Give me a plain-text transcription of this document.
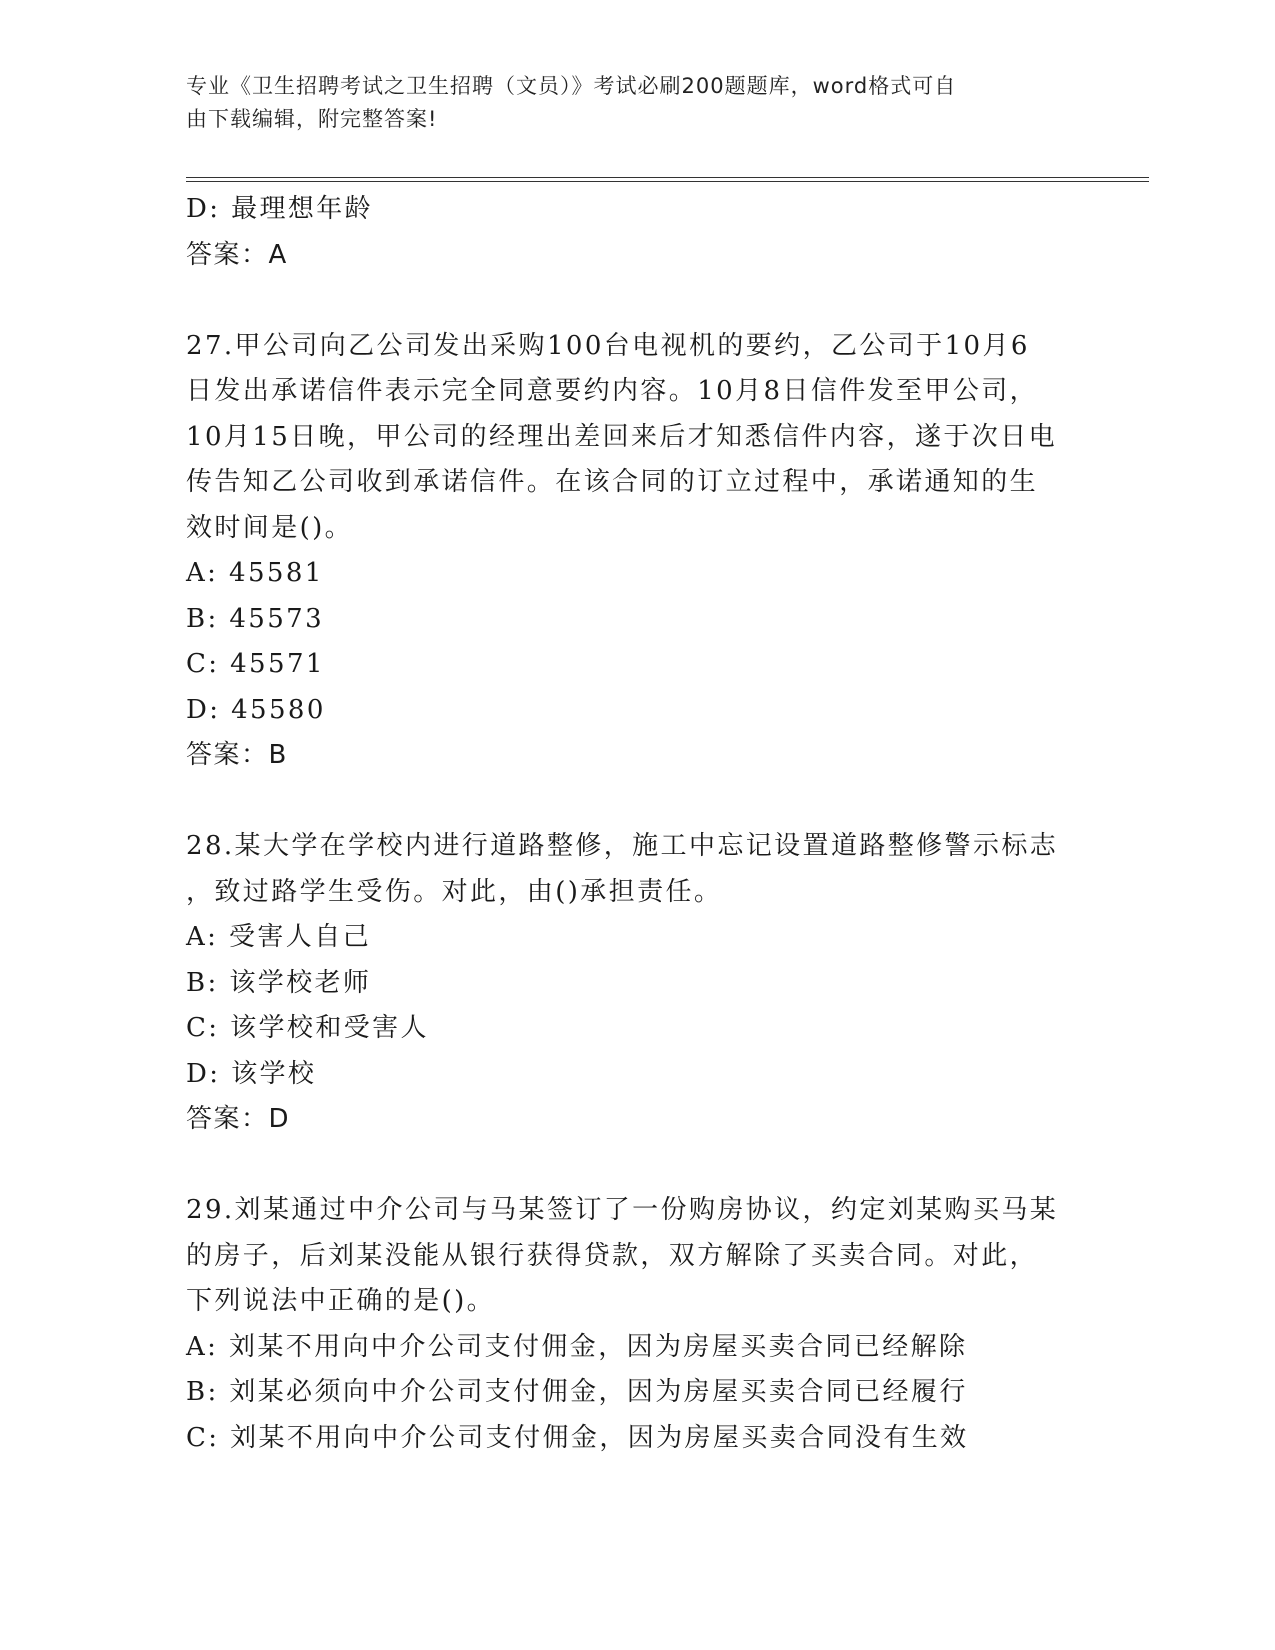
专业《卫生招聘考试之卫生招聘（文员）》考试必刷200题题库，word格式可自
由下载编辑，附完整答案!
D: 最理想年龄
答案：A
27.甲公司向乙公司发出采购100台电视机的要约，乙公司于10月6
日发出承诺信件表示完全同意要约内容。10月8日信件发至甲公司，
10月15日晚，甲公司的经理出差回来后才知悉信件内容，遂于次日电
传告知乙公司收到承诺信件。在该合同的订立过程中，承诺通知的生
效时间是()。
A: 45581
B: 45573
C: 45571
D: 45580
答案：B
28.某大学在学校内进行道路整修，施工中忘记设置道路整修警示标志
，致过路学生受伤。对此，由()承担责任。
A: 受害人自己
B: 该学校老师
C: 该学校和受害人
D: 该学校
答案：D
29.刘某通过中介公司与马某签订了一份购房协议，约定刘某购买马某
的房子，后刘某没能从银行获得贷款，双方解除了买卖合同。对此，
下列说法中正确的是()。
A: 刘某不用向中介公司支付佣金，因为房屋买卖合同已经解除
B: 刘某必须向中介公司支付佣金，因为房屋买卖合同已经履行
C: 刘某不用向中介公司支付佣金，因为房屋买卖合同没有生效
